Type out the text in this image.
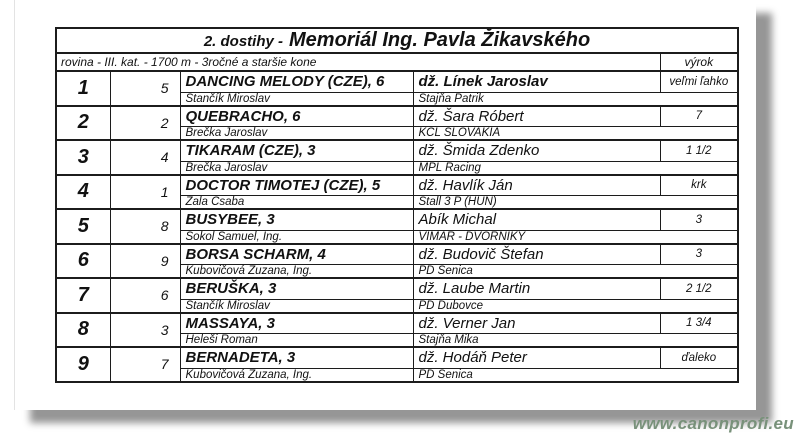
2. dostihy - Memoriál Ing. Pavla Žikavského				
rovina - III. kat. - 1700 m - 3ročné a staršie kone				výrok
1	5	DANCING MELODY (CZE), 6	dž. Línek Jaroslav	veľmi ľahko
		Stančík Miroslav	Stajňa Patrik	
2	2	QUEBRACHO, 6	dž. Šara Róbert	7
		Brečka Jaroslav	KCL SLOVAKIA	
3	4	TIKARAM (CZE), 3	dž. Šmida Zdenko	1 1/2
		Brečka Jaroslav	MPL Racing	
4	1	DOCTOR TIMOTEJ (CZE), 5	dž. Havlík Ján	krk
		Zala Csaba	Stall 3 P (HUN)	
5	8	BUSYBEE, 3	Abík Michal	3
		Sokol Samuel, Ing.	VIMAR - DVORNÍKY	
6	9	BORSA SCHARM, 4	dž. Budovič Štefan	3
		Kubovičová Zuzana, Ing.	PD Senica	
7	6	BERUŠKA, 3	dž. Laube Martin	2 1/2
		Stančík Miroslav	PD Dubovce	
8	3	MASSAYA, 3	dž. Verner Jan	1 3/4
		Heleši Roman	Stajňa Mika	
9	7	BERNADETA, 3	dž. Hodáň Peter	ďaleko
		Kubovičová Zuzana, Ing.	PD Senica	
www.canonprofi.eu
